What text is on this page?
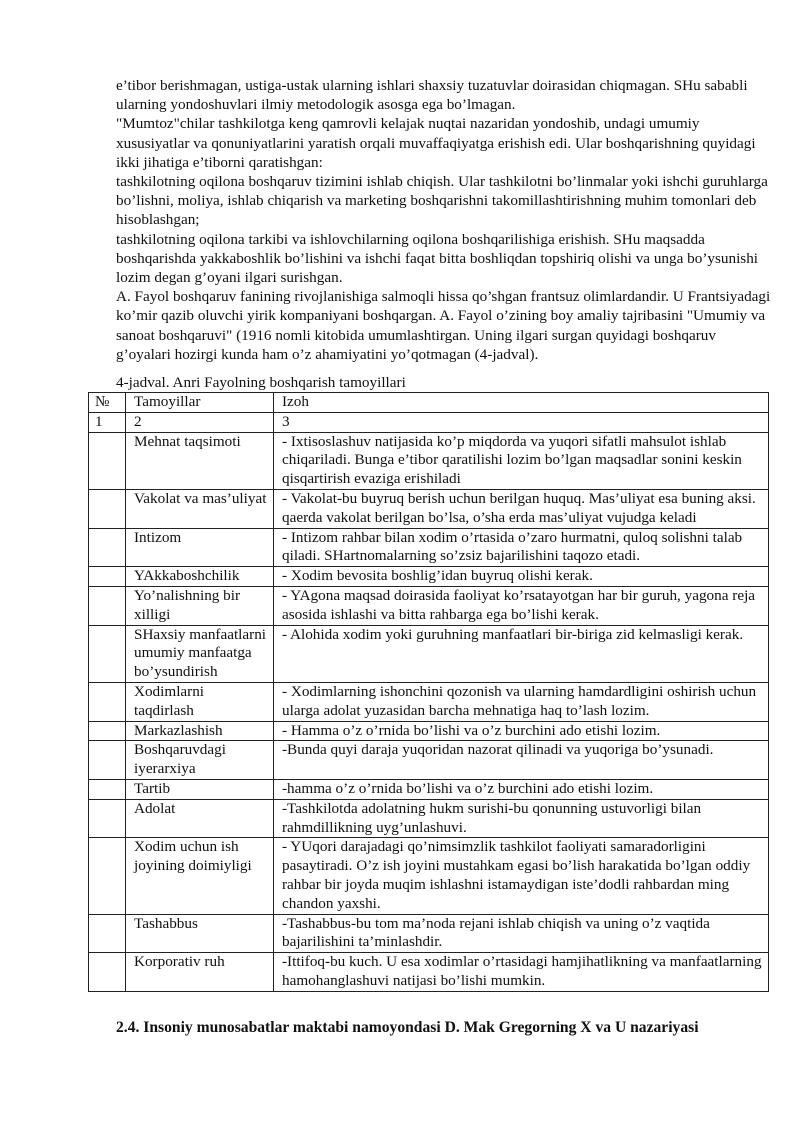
e’tibor berishmagan, ustiga-ustak ularning ishlari shaxsiy tuzatuvlar doirasidan chiqmagan. SHu sababli ularning yondoshuvlari ilmiy metodologik asosga ega bo’lmagan.

"Mumtoz"chilar tashkilotga keng qamrovli kelajak nuqtai nazaridan yondoshib, undagi umumiy xususiyatlar va qonuniyatlarini yaratish orqali muvaffaqiyatga erishish edi. Ular boshqarishning quyidagi ikki jihatiga e’tiborni qaratishgan:

tashkilotning oqilona boshqaruv tizimini ishlab chiqish. Ular tashkilotni bo’linmalar yoki ishchi guruhlarga bo’lishni, moliya, ishlab chiqarish va marketing boshqarishni takomillashtirishning muhim tomonlari deb hisoblashgan;

tashkilotning oqilona tarkibi va ishlovchilarning oqilona boshqarilishiga erishish. SHu maqsadda boshqarishda yakkaboshlik bo’lishini va ishchi faqat bitta boshliqdan topshiriq olishi va unga bo’ysunishi lozim degan g’oyani ilgari surishgan.

A. Fayol boshqaruv fanining rivojlanishiga salmoqli hissa qo’shgan frantsuz olimlardandir. U Frantsiyadagi ko’mir qazib oluvchi yirik kompaniyani boshqargan. A. Fayol o’zining boy amaliy tajribasini "Umumiy va sanoat boshqaruvi" (1916 nomli kitobida umumlashtirgan. Uning ilgari surgan quyidagi boshqaruv g’oyalari hozirgi kunda ham o’z ahamiyatini yo’qotmagan (4-jadval).

4-jadval. Anri Fayolning boshqarish tamoyillari
№	Tamoyillar	Izoh
1	2	3
	Mehnat taqsimoti	- Ixtisoslashuv natijasida ko’p miqdorda va yuqori sifatli mahsulot ishlab chiqariladi. Bunga e’tibor qaratilishi lozim bo’lgan maqsadlar sonini keskin qisqartirish evaziga erishiladi
	Vakolat va mas’uliyat	- Vakolat-bu buyruq berish uchun berilgan huquq. Mas’uliyat esa buning aksi. qaerda vakolat berilgan bo’lsa, o’sha erda mas’uliyat vujudga keladi
	Intizom	- Intizom rahbar bilan xodim o’rtasida o’zaro hurmatni, quloq solishni talab qiladi. SHartnomalarning so’zsiz bajarilishini taqozo etadi.
	YAkkaboshchilik	- Xodim bevosita boshlig’idan buyruq olishi kerak.
	Yo’nalishning bir xilligi	- YAgona maqsad doirasida faoliyat ko’rsatayotgan har bir guruh, yagona reja asosida ishlashi va bitta rahbarga ega bo’lishi kerak.
	SHaxsiy manfaatlarni umumiy manfaatga bo’ysundirish	- Alohida xodim yoki guruhning manfaatlari bir-biriga zid kelmasligi kerak.
	Xodimlarni taqdirlash	- Xodimlarning ishonchini qozonish va ularning hamdardligini oshirish uchun ularga adolat yuzasidan barcha mehnatiga haq to’lash lozim.
	Markazlashish	- Hamma o’z o’rnida bo’lishi va o’z burchini ado etishi lozim.
	Boshqaruvdagi iyerarxiya	-Bunda quyi daraja yuqoridan nazorat qilinadi va yuqoriga bo’ysunadi.
	Tartib	-hamma o’z o’rnida bo’lishi va o’z burchini ado etishi lozim.
	Adolat	-Tashkilotda adolatning hukm surishi-bu qonunning ustuvorligi bilan rahmdillikning uyg’unlashuvi.
	Xodim uchun ish joyining doimiyligi	- YUqori darajadagi qo’nimsimzlik tashkilot faoliyati samaradorligini pasaytiradi. O’z ish joyini mustahkam egasi bo’lish harakatida bo’lgan oddiy rahbar bir joyda muqim ishlashni istamaydigan iste’dodli rahbardan ming chandon yaxshi.
	Tashabbus	-Tashabbus-bu tom ma’noda rejani ishlab chiqish va uning o’z vaqtida bajarilishini ta’minlashdir.
	Korporativ ruh	-Ittifoq-bu kuch. U esa xodimlar o’rtasidagi hamjihatlikning va manfaatlarning hamohanglashuvi natijasi bo’lishi mumkin.
2.4. Insoniy munosabatlar maktabi namoyondasi D. Mak Gregorning X va U nazariyasi
